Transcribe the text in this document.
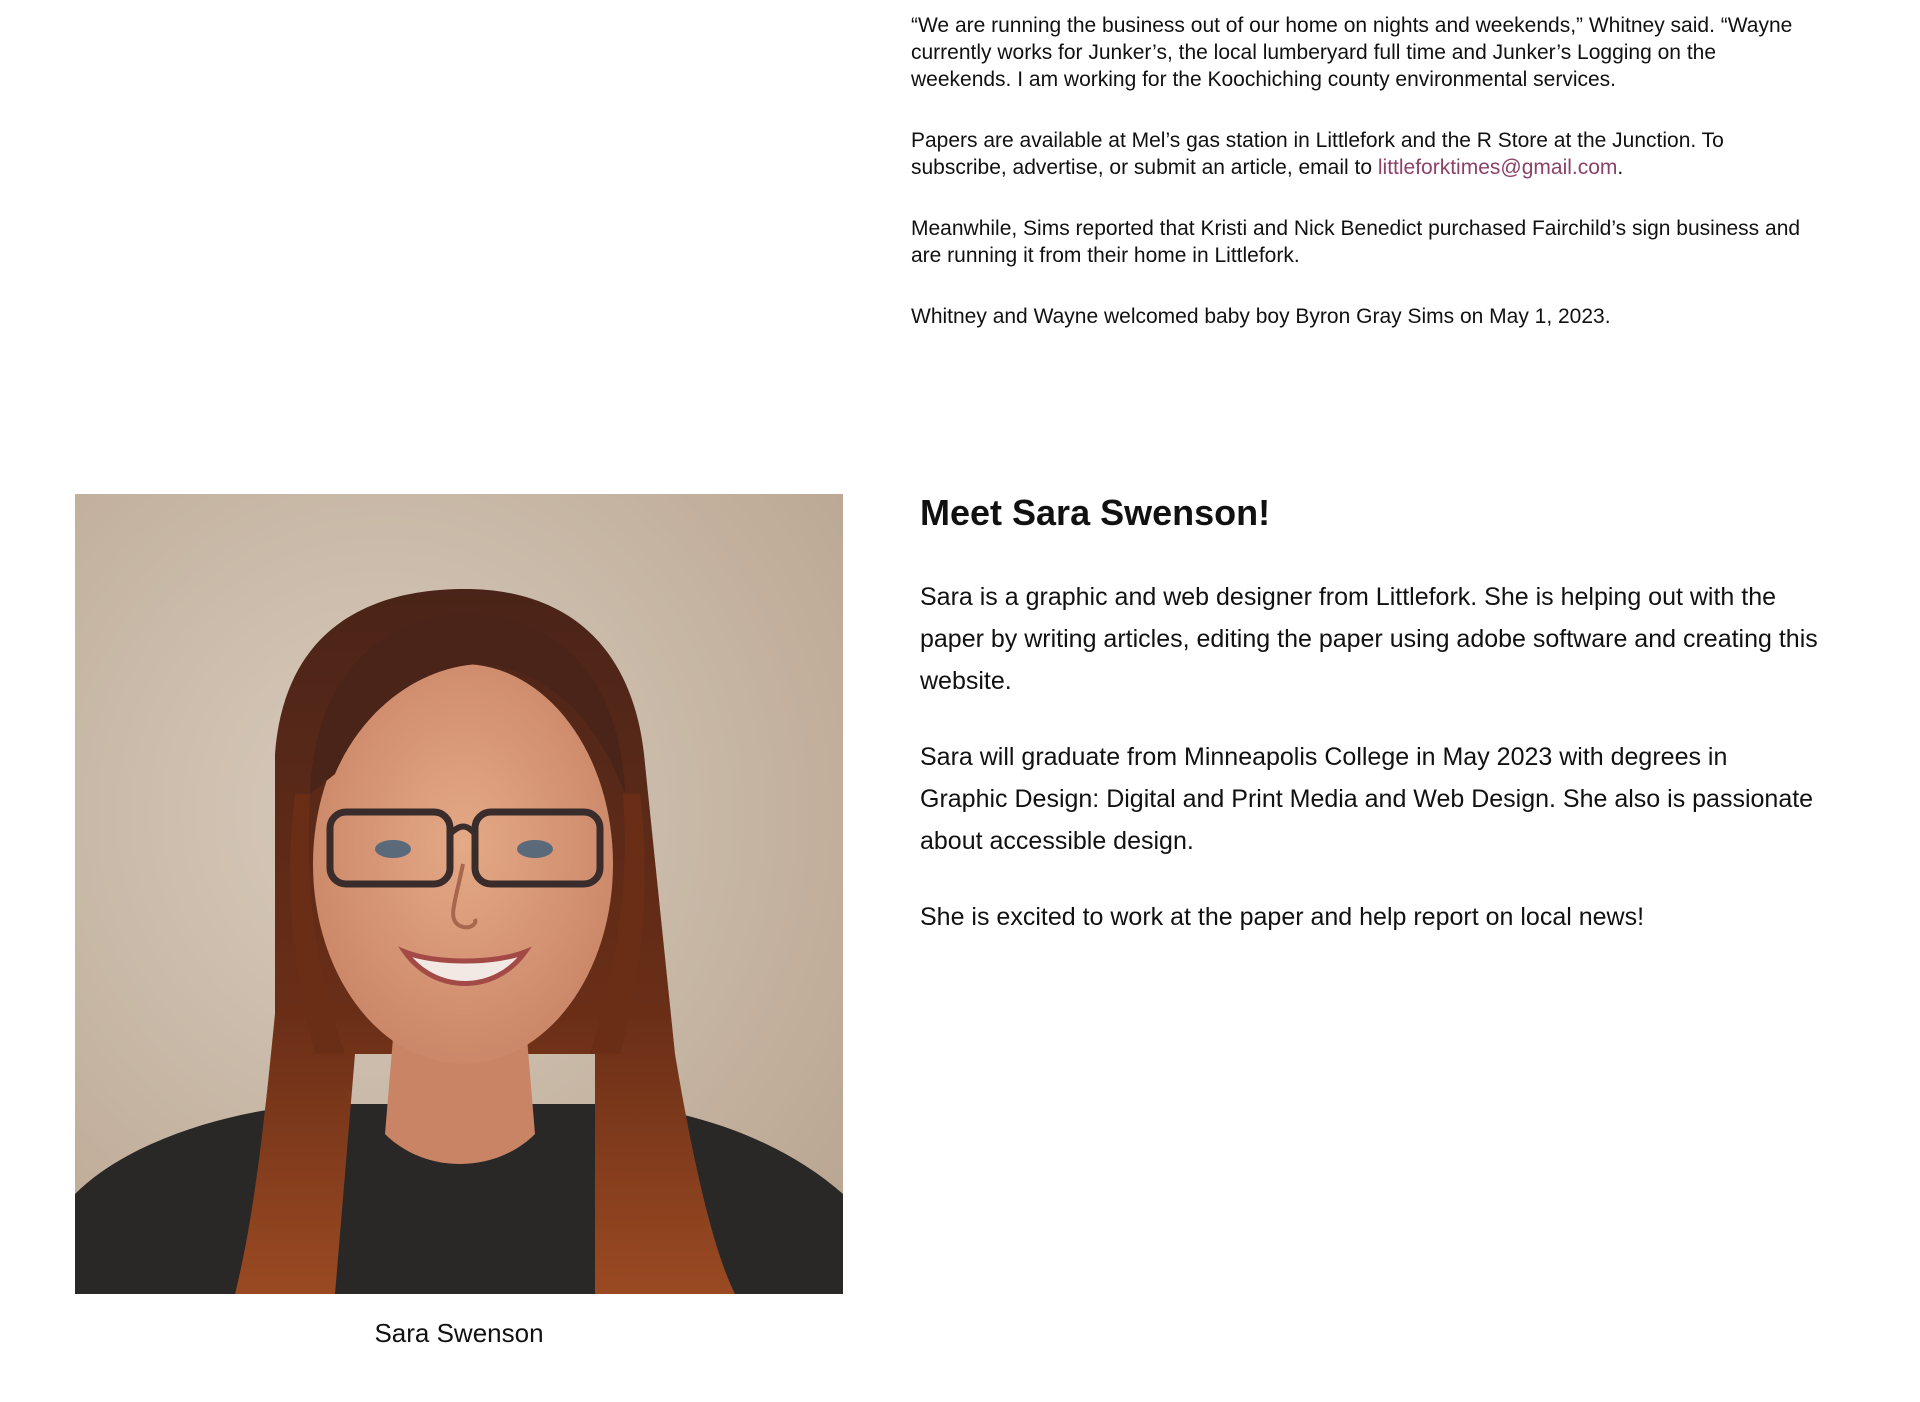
“We are running the business out of our home on nights and weekends,” Whitney said. “Wayne currently works for Junker’s, the local lumberyard full time and Junker’s Logging on the weekends. I am working for the Koochiching county environmental services.

Papers are available at Mel’s gas station in Littlefork and the R Store at the Junction. To subscribe, advertise, or submit an article, email to littleforktimes@gmail.com.

Meanwhile, Sims reported that Kristi and Nick Benedict purchased Fairchild’s sign business and are running it from their home in Littlefork.

Whitney and Wayne welcomed baby boy Byron Gray Sims on May 1, 2023.

Sara Swenson
Meet Sara Swenson!

Sara is a graphic and web designer from Littlefork. She is helping out with the paper by writing articles, editing the paper using adobe software and creating this website.

Sara will graduate from Minneapolis College in May 2023 with degrees in Graphic Design: Digital and Print Media and Web Design. She also is passionate about accessible design.

She is excited to work at the paper and help report on local news!
